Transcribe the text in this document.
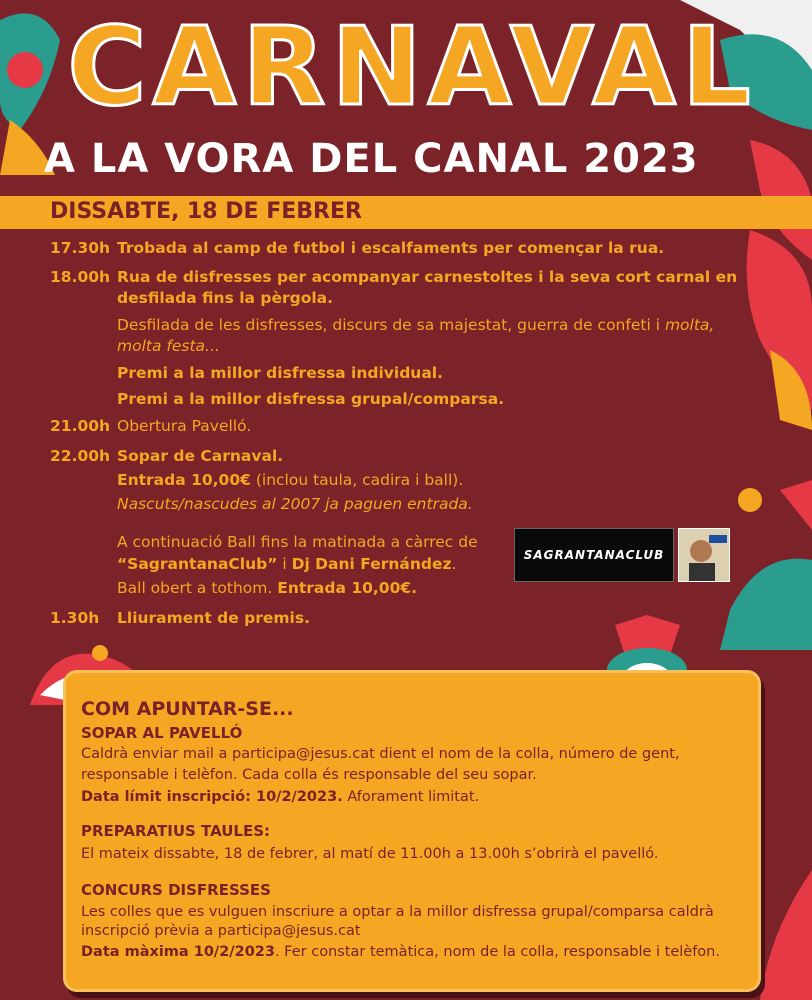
CARNAVAL
A LA VORA DEL CANAL 2023
DISSABTE, 18 DE FEBRER
17.30h Trobada al camp de futbol i escalfaments per començar la rua.
18.00h Rua de disfresses per acompanyar carnestoltes i la seva cort carnal en
desfilada fins la pèrgola.
Desfilada de les disfresses, discurs de sa majestat, guerra de confeti i molta,
molta festa...
Premi a la millor disfressa individual.
Premi a la millor disfressa grupal/comparsa.
21.00h Obertura Pavelló.
22.00h Sopar de Carnaval.
Entrada 10,00€ (inclou taula, cadira i ball).
Nascuts/nascudes al 2007 ja paguen entrada.
A continuació Ball fins la matinada a càrrec de
“SagrantanaClub” i Dj Dani Fernández.
Ball obert a tothom. Entrada 10,00€.
SAGRANTANACLUB
1.30h	Lliurament de premis.
COM APUNTAR-SE...
SOPAR AL PAVELLÓ
Caldrà enviar mail a participa@jesus.cat dient el nom de la colla, número de gent,
responsable i telèfon. Cada colla és responsable del seu sopar.
Data límit inscripció: 10/2/2023. Aforament limitat.
PREPARATIUS TAULES:
El mateix dissabte, 18 de febrer, al matí de 11.00h a 13.00h s’obrirà el pavelló.
CONCURS DISFRESSES
Les colles que es vulguen inscriure a optar a la millor disfressa grupal/comparsa caldrà
inscripció prèvia a participa@jesus.cat
Data màxima 10/2/2023. Fer constar temàtica, nom de la colla, responsable i telèfon.
